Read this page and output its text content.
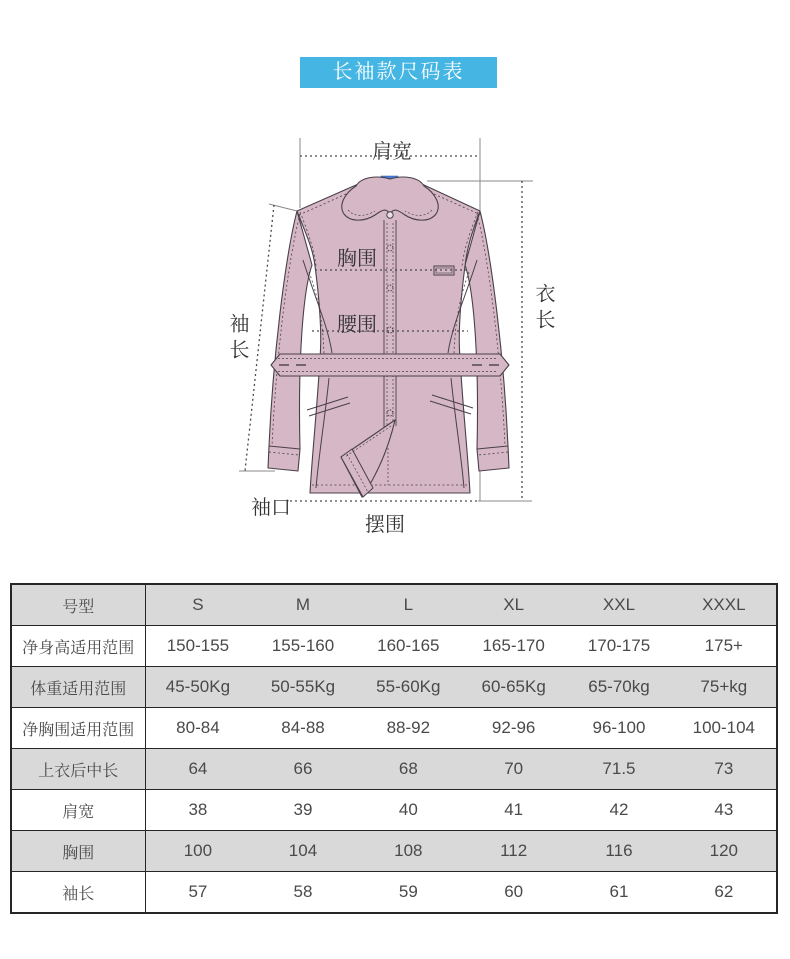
长袖款尺码表
肩宽
胸围
腰围	衣长
袖长
袖口
摆围
号型	S	M	L	XL	XXL	XXXL
净身高适用范围	150-155	155-160	160-165	165-170	170-175	175+
体重适用范围	45-50Kg	50-55Kg	55-60Kg	60-65Kg	65-70kg	75+kg
净胸围适用范围	80-84	84-88	88-92	92-96	96-100	100-104
上衣后中长	64	66	68	70	71.5	73
肩宽	38	39	40	41	42	43
胸围	100	104	108	112	116	120
袖长	57	58	59	60	61	62
